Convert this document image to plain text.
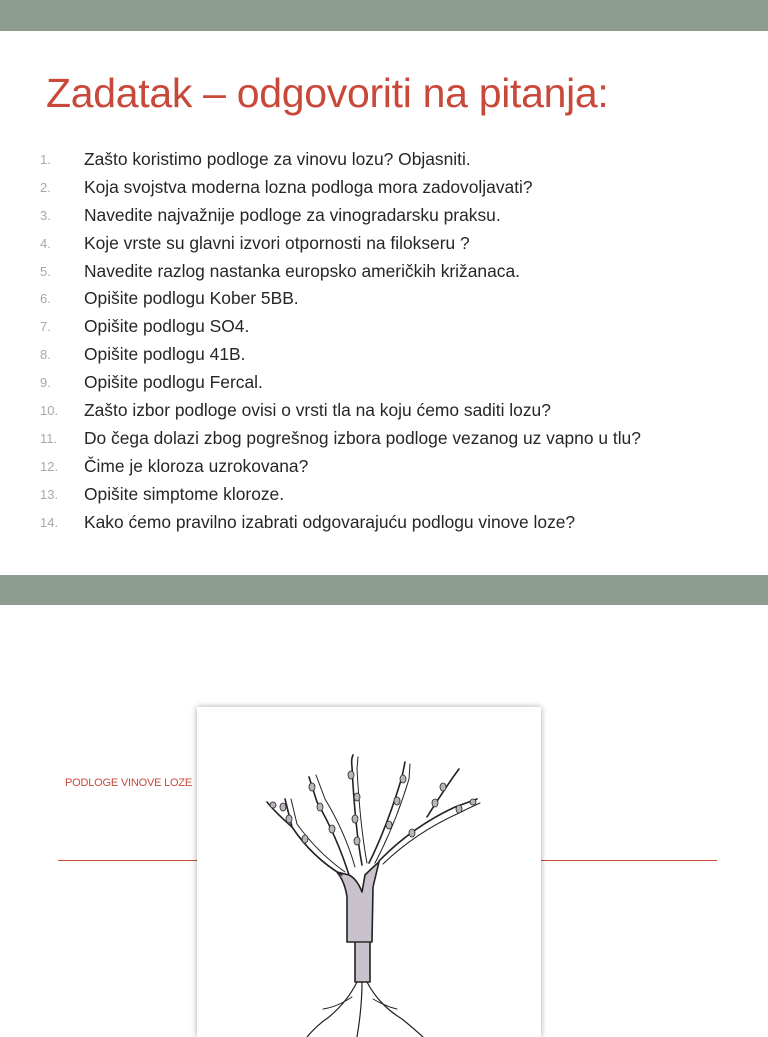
Zadatak – odgovoriti na pitanja:
1.	Zašto koristimo podloge za vinovu lozu? Objasniti.
2.	Koja svojstva moderna lozna podloga mora zadovoljavati?
3.	Navedite najvažnije podloge za vinogradarsku praksu.
4.	Koje vrste su glavni izvori otpornosti na filokseru ?
5.	Navedite razlog nastanka europsko američkih križanaca.
6.	Opišite podlogu Kober 5BB.
7.	Opišite podlogu SO4.
8.	Opišite podlogu 41B.
9.	Opišite podlogu Fercal.
10.	Zašto izbor podloge ovisi o vrsti tla na koju ćemo saditi lozu?
11.	Do čega dolazi zbog pogrešnog izbora podloge vezanog uz vapno u tlu?
12.	Čime je kloroza uzrokovana?
13.	Opišite simptome kloroze.
14.	Kako ćemo pravilno izabrati odgovarajuću podlogu vinove loze?
PODLOGE VINOVE LOZE
